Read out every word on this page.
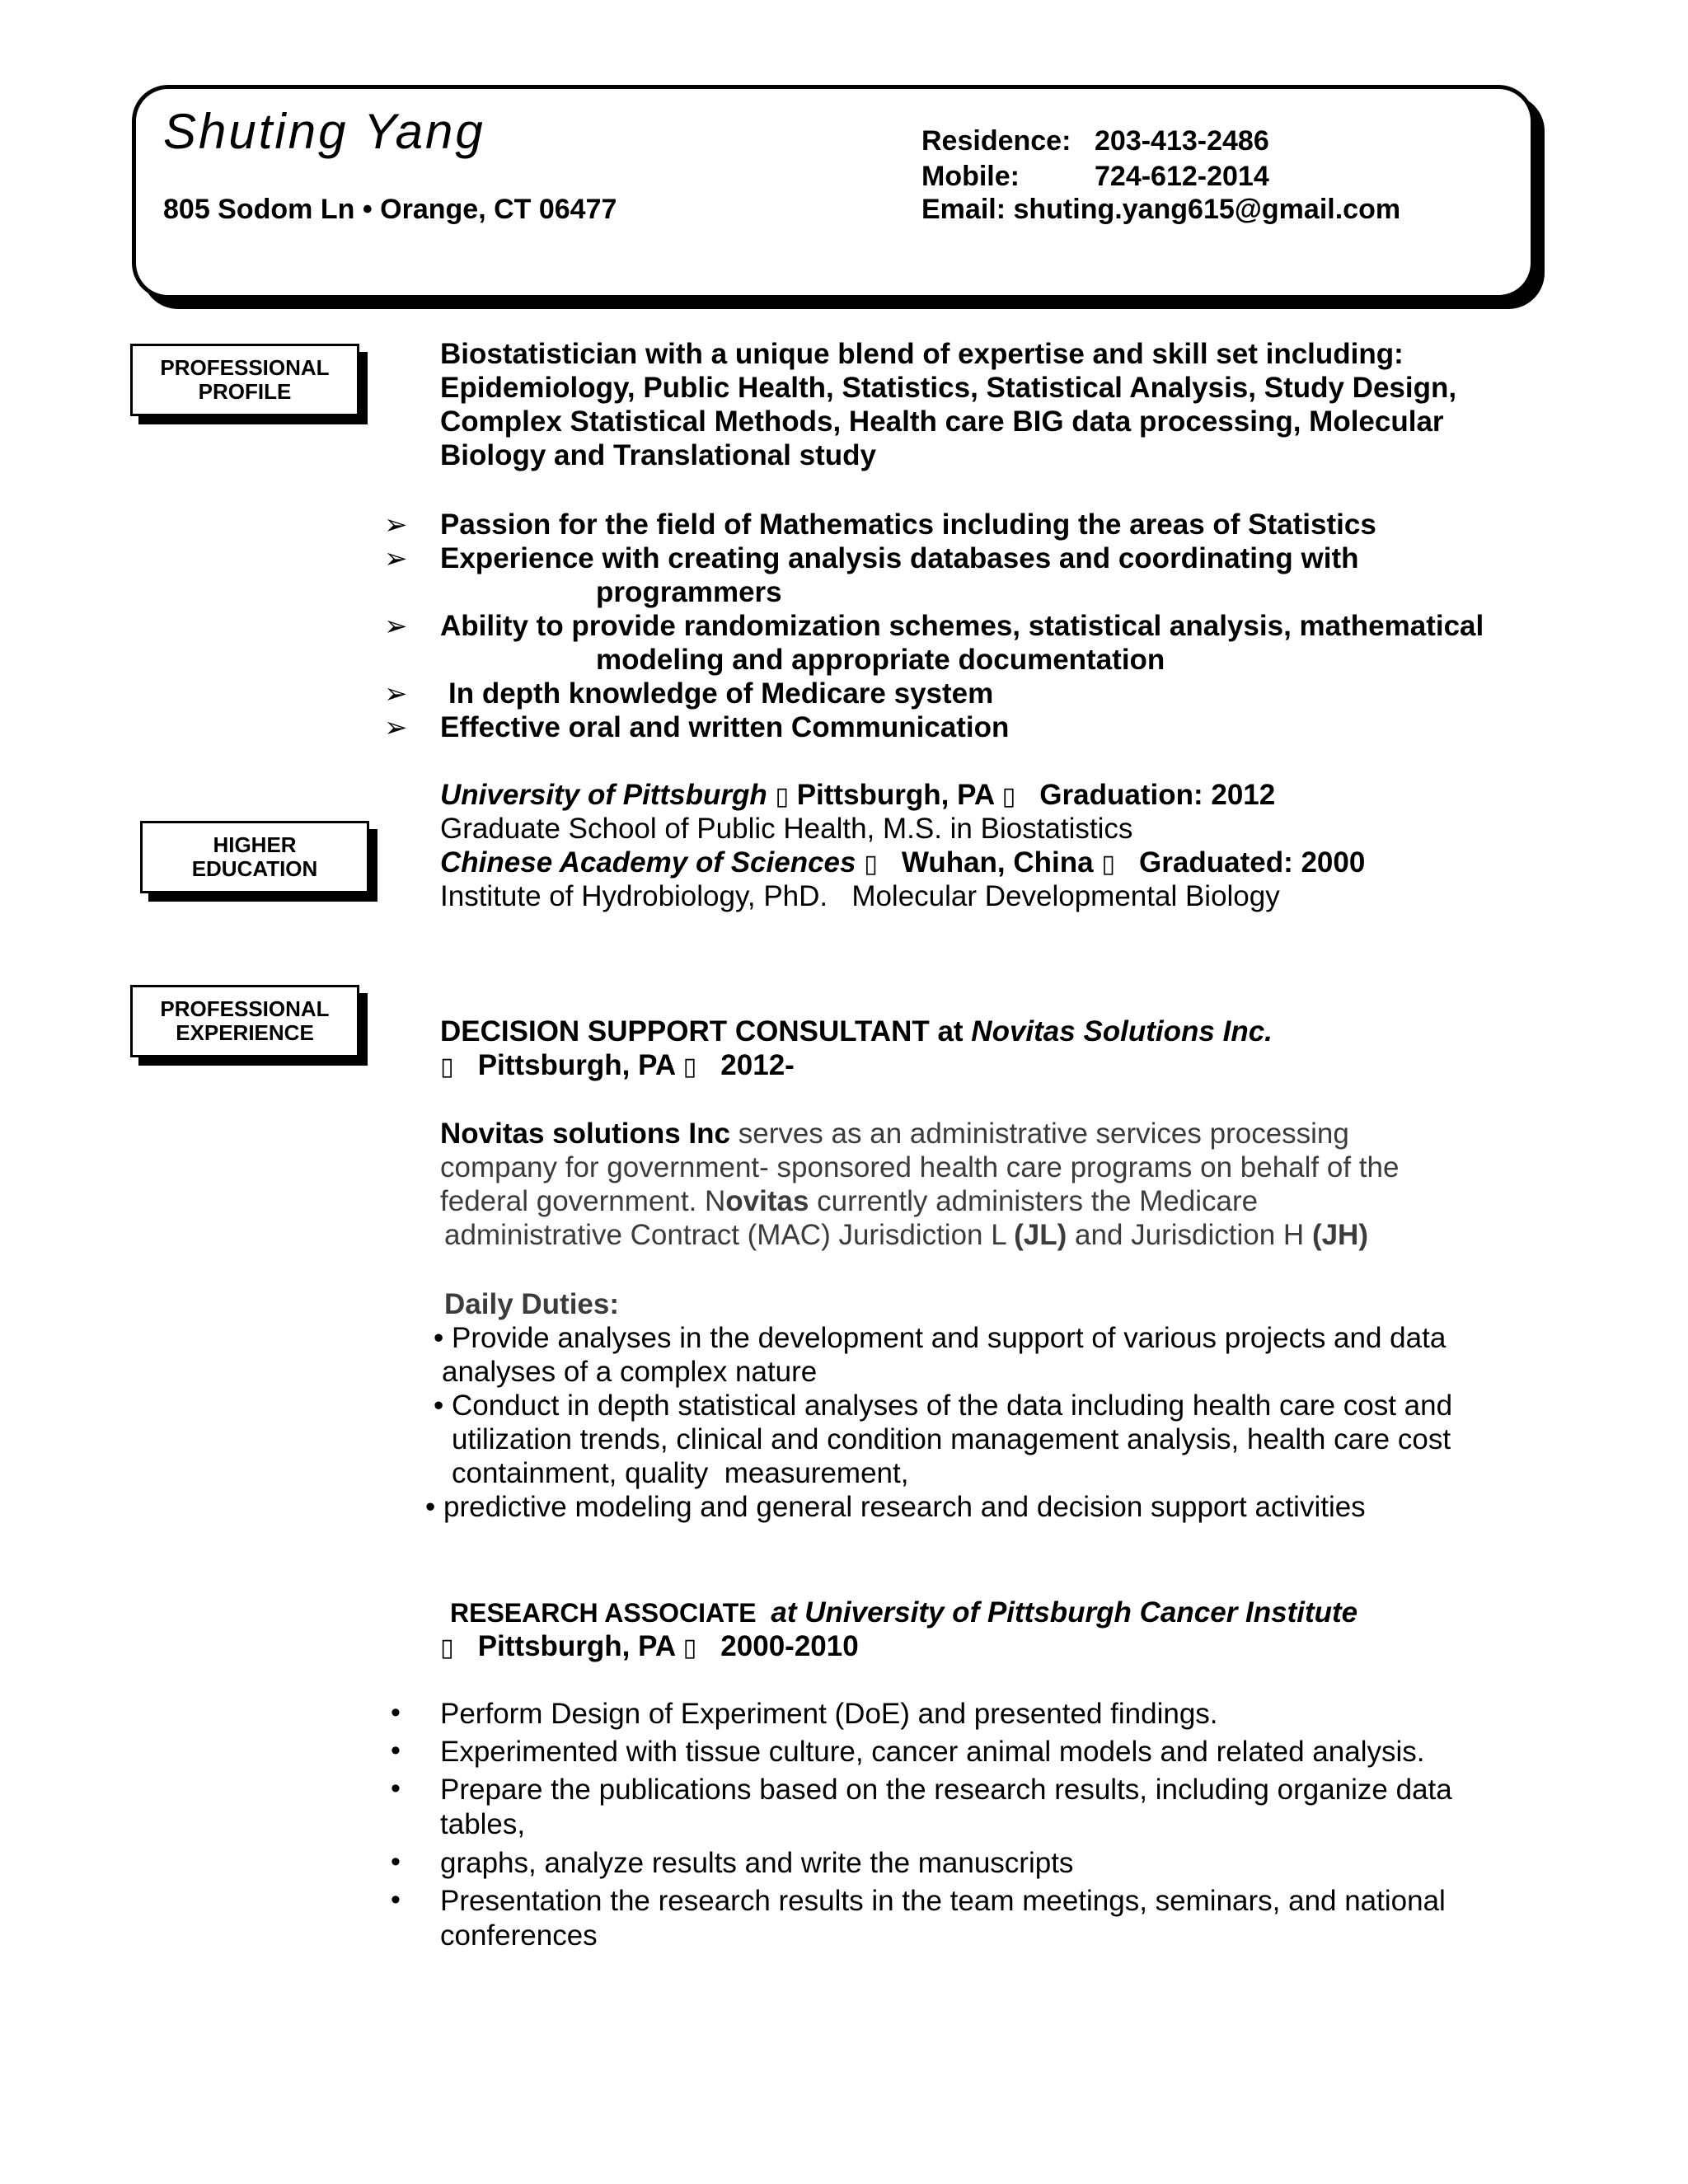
Shuting Yang
805 Sodom Ln • Orange, CT 06477
Residence: 203-413-2486
Mobile:	724-612-2014
Email: shuting.yang615@gmail.com
PROFESSIONAL
PROFILE
HIGHER
EDUCATION
PROFESSIONAL
EXPERIENCE
Biostatistician with a unique blend of expertise and skill set including:
Epidemiology, Public Health, Statistics, Statistical Analysis, Study Design,
Complex Statistical Methods, Health care BIG data processing, Molecular
Biology and Translational study
➢ Passion for the field of Mathematics including the areas of Statistics
➢ Experience with creating analysis databases and coordinating with
programmers
➢ Ability to provide randomization schemes, statistical analysis, mathematical
modeling and appropriate documentation
➢ In depth knowledge of Medicare system
➢ Effective oral and written Communication
University of Pittsburgh ▯ Pittsburgh, PA ▯ Graduation: 2012
Graduate School of Public Health, M.S. in Biostatistics
Chinese Academy of Sciences ▯ Wuhan, China ▯ Graduated: 2000
Institute of Hydrobiology, PhD.   Molecular Developmental Biology
DECISION SUPPORT CONSULTANT at Novitas Solutions Inc.
▯ Pittsburgh, PA ▯ 2012-
Novitas solutions Inc serves as an administrative services processing
company for government- sponsored health care programs on behalf of the
federal government. Novitas currently administers the Medicare
administrative Contract (MAC) Jurisdiction L (JL) and Jurisdiction H (JH)
Daily Duties:
• Provide analyses in the development and support of various projects and data
analyses of a complex nature
• Conduct in depth statistical analyses of the data including health care cost and
utilization trends, clinical and condition management analysis, health care cost
containment, quality  measurement,
• predictive modeling and general research and decision support activities
RESEARCH ASSOCIATE at University of Pittsburgh Cancer Institute
▯ Pittsburgh, PA ▯ 2000-2010
• Perform Design of Experiment (DoE) and presented findings.
• Experimented with tissue culture, cancer animal models and related analysis.
• Prepare the publications based on the research results, including organize data
tables,
• graphs, analyze results and write the manuscripts
• Presentation the research results in the team meetings, seminars, and national
conferences
